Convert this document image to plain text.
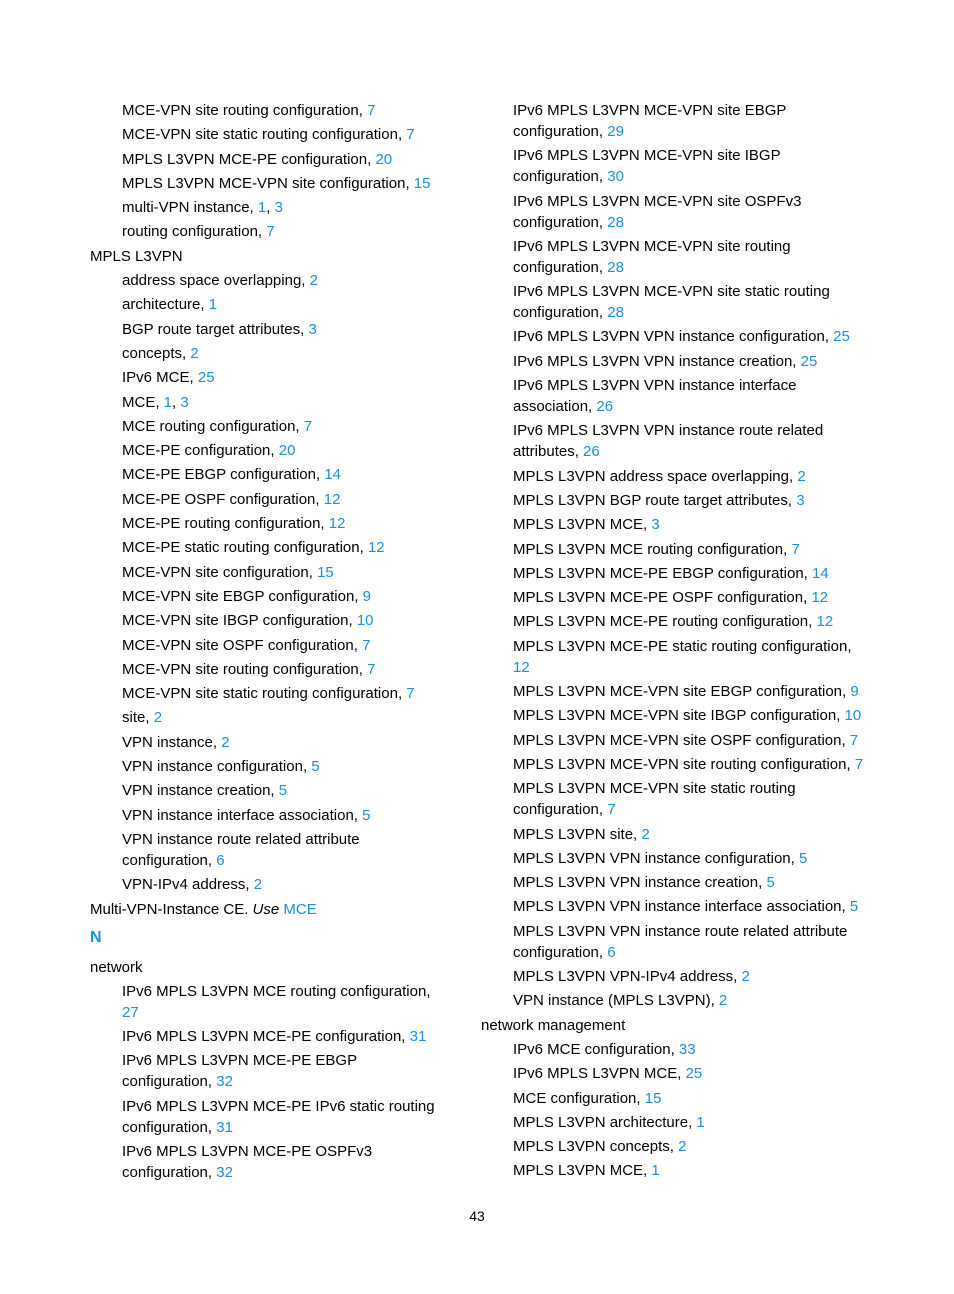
MCE-VPN site routing configuration, 7
MCE-VPN site static routing configuration, 7
MPLS L3VPN MCE-PE configuration, 20
MPLS L3VPN MCE-VPN site configuration, 15
multi-VPN instance, 1, 3
routing configuration, 7
MPLS L3VPN
address space overlapping, 2
architecture, 1
BGP route target attributes, 3
concepts, 2
IPv6 MCE, 25
MCE, 1, 3
MCE routing configuration, 7
MCE-PE configuration, 20
MCE-PE EBGP configuration, 14
MCE-PE OSPF configuration, 12
MCE-PE routing configuration, 12
MCE-PE static routing configuration, 12
MCE-VPN site configuration, 15
MCE-VPN site EBGP configuration, 9
MCE-VPN site IBGP configuration, 10
MCE-VPN site OSPF configuration, 7
MCE-VPN site routing configuration, 7
MCE-VPN site static routing configuration, 7
site, 2
VPN instance, 2
VPN instance configuration, 5
VPN instance creation, 5
VPN instance interface association, 5
VPN instance route related attribute configuration, 6
VPN-IPv4 address, 2
Multi-VPN-Instance CE. Use MCE
N
network
IPv6 MPLS L3VPN MCE routing configuration, 27
IPv6 MPLS L3VPN MCE-PE configuration, 31
IPv6 MPLS L3VPN MCE-PE EBGP configuration, 32
IPv6 MPLS L3VPN MCE-PE IPv6 static routing configuration, 31
IPv6 MPLS L3VPN MCE-PE OSPFv3 configuration, 32
IPv6 MPLS L3VPN MCE-VPN site EBGP configuration, 29
IPv6 MPLS L3VPN MCE-VPN site IBGP configuration, 30
IPv6 MPLS L3VPN MCE-VPN site OSPFv3 configuration, 28
IPv6 MPLS L3VPN MCE-VPN site routing configuration, 28
IPv6 MPLS L3VPN MCE-VPN site static routing configuration, 28
IPv6 MPLS L3VPN VPN instance configuration, 25
IPv6 MPLS L3VPN VPN instance creation, 25
IPv6 MPLS L3VPN VPN instance interface association, 26
IPv6 MPLS L3VPN VPN instance route related attributes, 26
MPLS L3VPN address space overlapping, 2
MPLS L3VPN BGP route target attributes, 3
MPLS L3VPN MCE, 3
MPLS L3VPN MCE routing configuration, 7
MPLS L3VPN MCE-PE EBGP configuration, 14
MPLS L3VPN MCE-PE OSPF configuration, 12
MPLS L3VPN MCE-PE routing configuration, 12
MPLS L3VPN MCE-PE static routing configuration, 12
MPLS L3VPN MCE-VPN site EBGP configuration, 9
MPLS L3VPN MCE-VPN site IBGP configuration, 10
MPLS L3VPN MCE-VPN site OSPF configuration, 7
MPLS L3VPN MCE-VPN site routing configuration, 7
MPLS L3VPN MCE-VPN site static routing configuration, 7
MPLS L3VPN site, 2
MPLS L3VPN VPN instance configuration, 5
MPLS L3VPN VPN instance creation, 5
MPLS L3VPN VPN instance interface association, 5
MPLS L3VPN VPN instance route related attribute configuration, 6
MPLS L3VPN VPN-IPv4 address, 2
VPN instance (MPLS L3VPN), 2
network management
IPv6 MCE configuration, 33
IPv6 MPLS L3VPN MCE, 25
MCE configuration, 15
MPLS L3VPN architecture, 1
MPLS L3VPN concepts, 2
MPLS L3VPN MCE, 1
43
